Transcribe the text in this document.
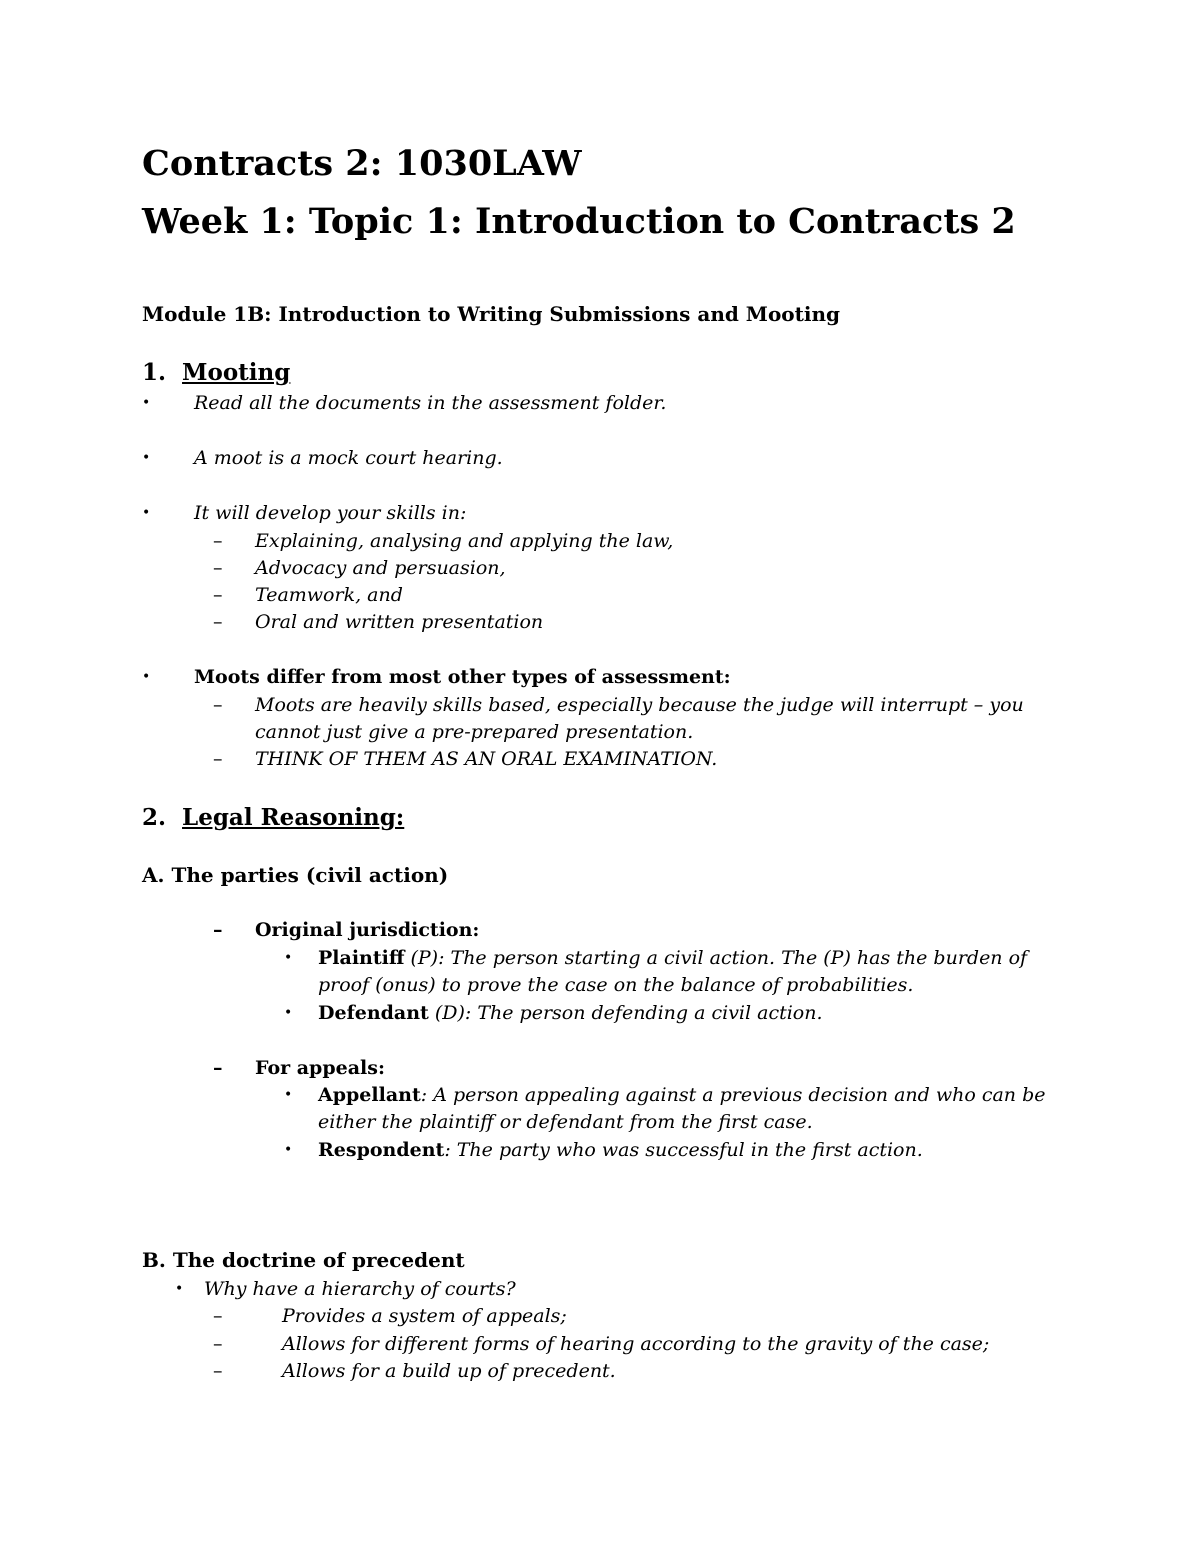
Contracts 2: 1030LAW
Week 1: Topic 1: Introduction to Contracts 2
Module 1B: Introduction to Writing Submissions and Mooting
1. Mooting
• Read all the documents in the assessment folder.
• A moot is a mock court hearing.
• It will develop your skills in:
– Explaining, analysing and applying the law,
– Advocacy and persuasion,
– Teamwork, and
– Oral and written presentation
• Moots differ from most other types of assessment:
– Moots are heavily skills based, especially because the judge will interrupt – you
cannot just give a pre-prepared presentation.
– THINK OF THEM AS AN ORAL EXAMINATION.
2. Legal Reasoning:
A. The parties (civil action)
– Original jurisdiction:
• Plaintiff (P): The person starting a civil action. The (P) has the burden of
proof (onus) to prove the case on the balance of probabilities.
• Defendant (D): The person defending a civil action.
– For appeals:
• Appellant: A person appealing against a previous decision and who can be
either the plaintiff or defendant from the first case.
• Respondent: The party who was successful in the first action.
B. The doctrine of precedent
• Why have a hierarchy of courts?
–	Provides a system of appeals;
–	Allows for different forms of hearing according to the gravity of the case;
–	Allows for a build up of precedent.
